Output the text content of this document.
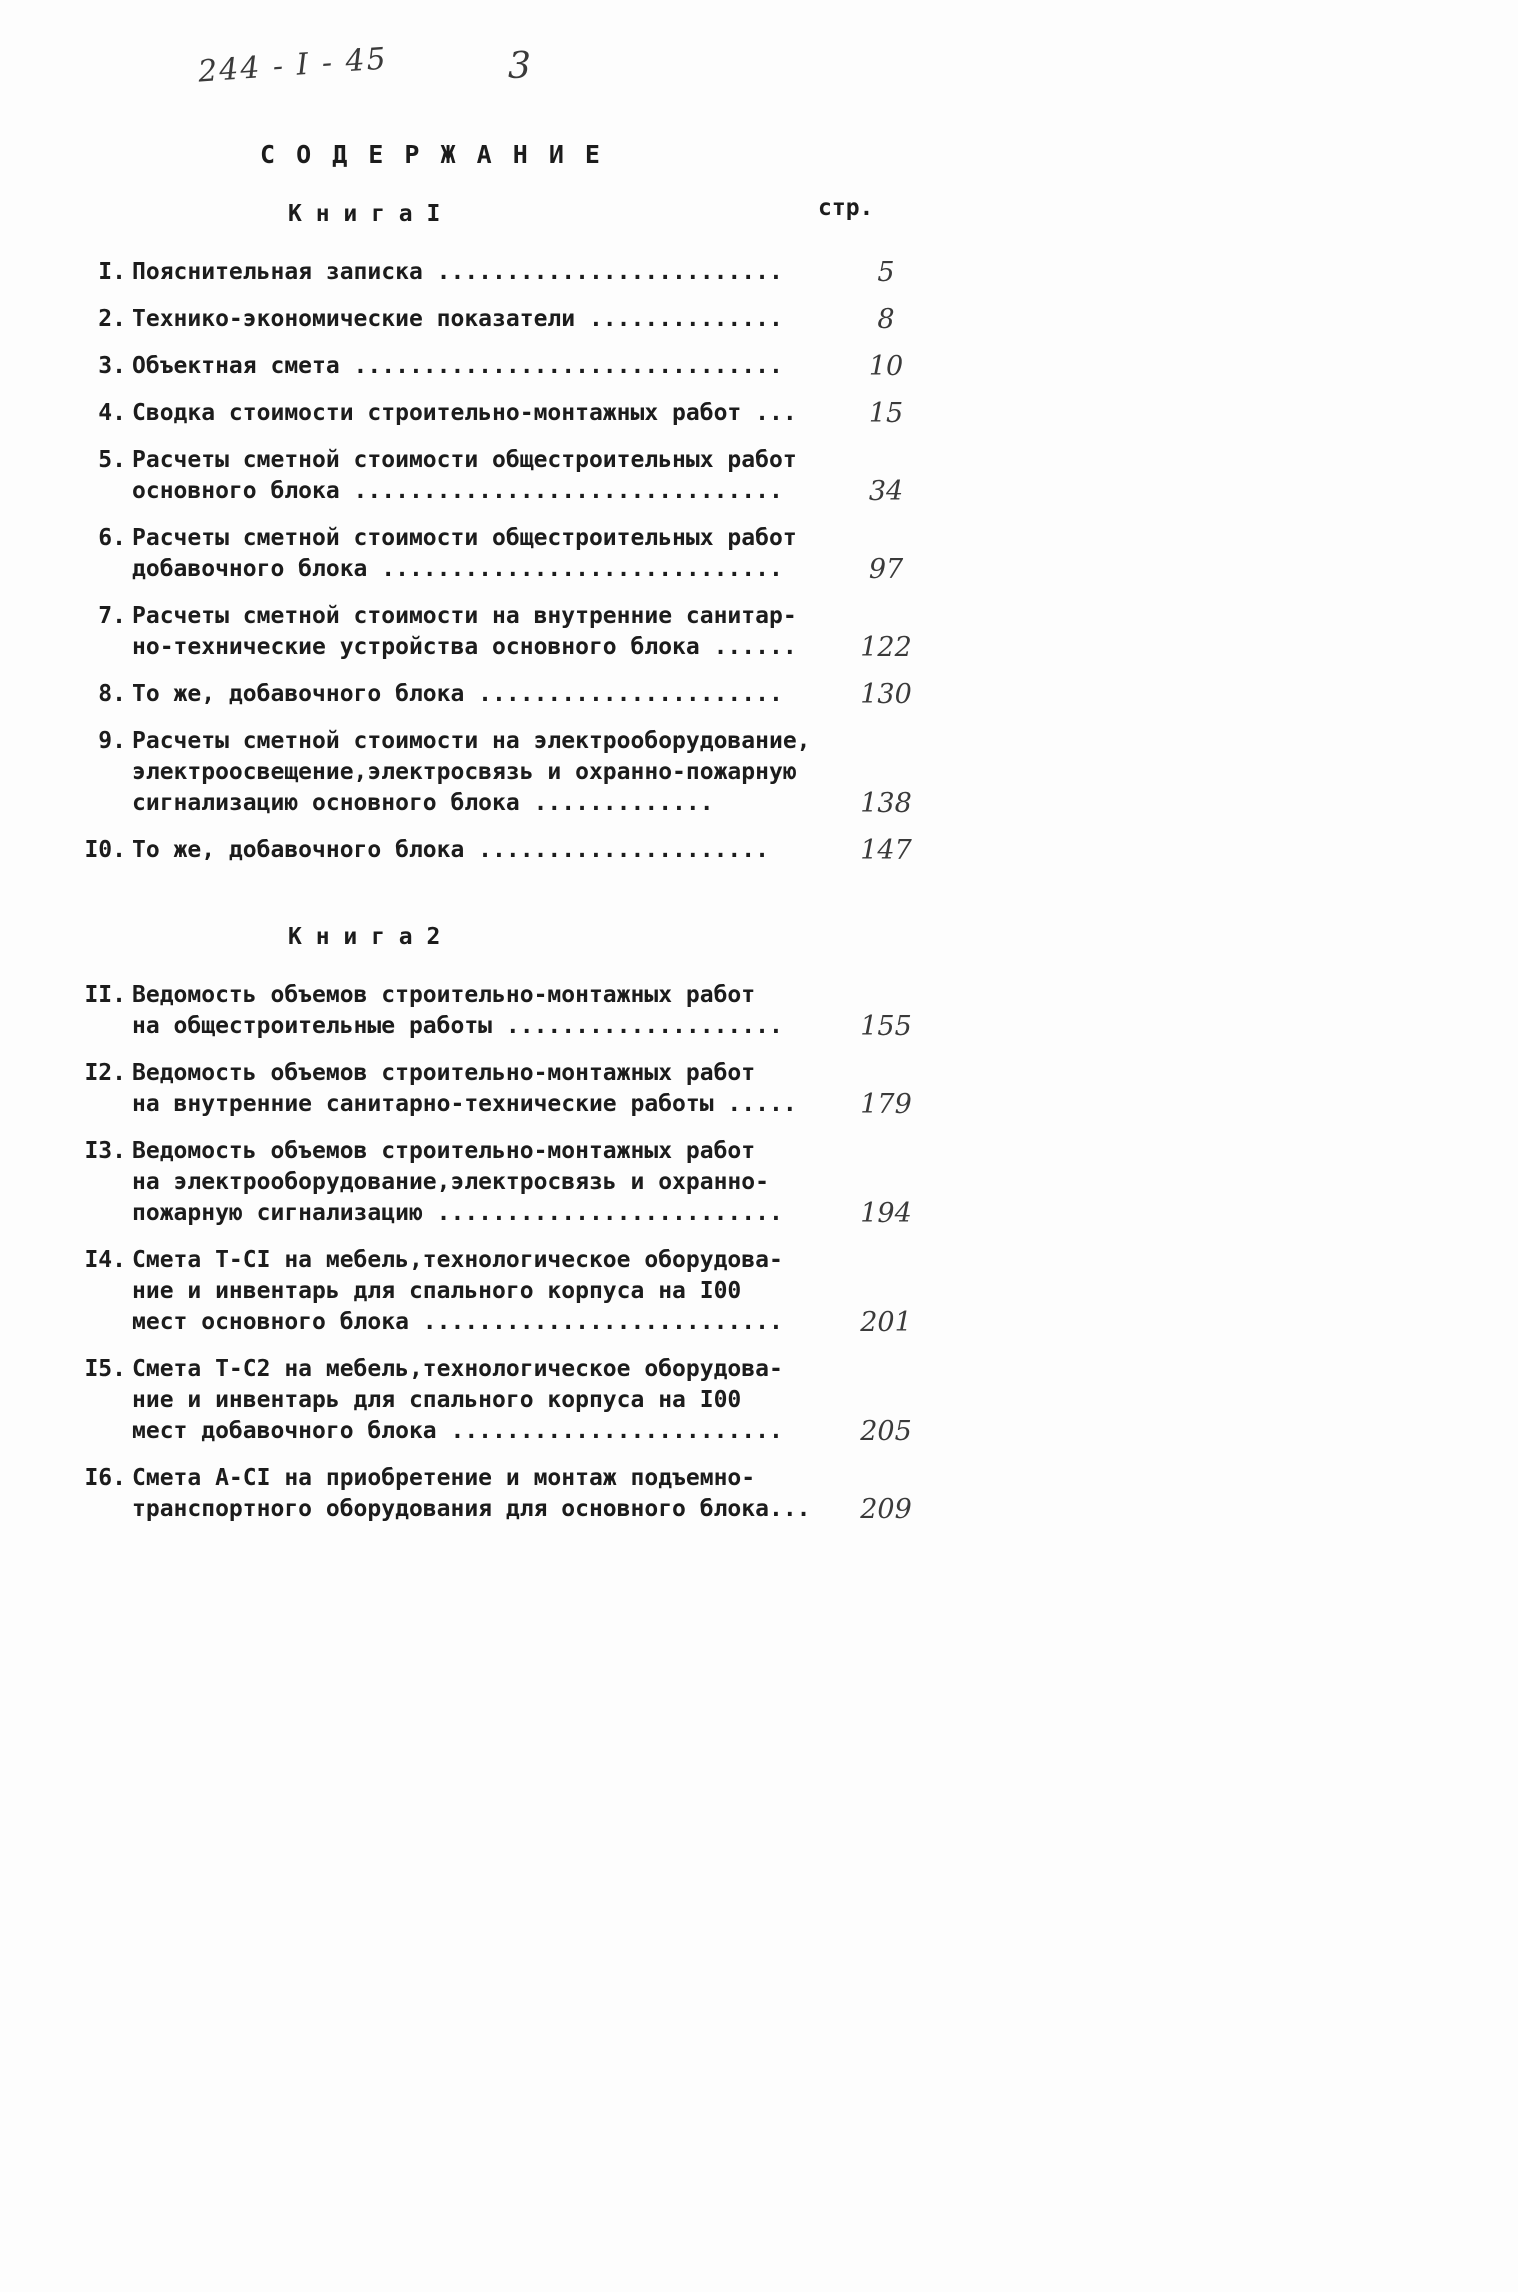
244 - I - 45	3
С О Д Е Р Ж А Н И Е
К н и г а I	стр.
I. Пояснительная записка .........................	5
2. Технико-экономические показатели ..............	8
3. Объектная смета ...............................	10
4. Сводка стоимости строительно-монтажных работ ...	15
5. Расчеты сметной стоимости общестроительных работ
основного блока ...............................	34
6. Расчеты сметной стоимости общестроительных работ
добавочного блока .............................	97
7. Расчеты сметной стоимости на внутренние санитар-
но-технические устройства основного блока ......	122
8. То же, добавочного блока ......................	130
9. Расчеты сметной стоимости на электрооборудование,
электроосвещение,электросвязь и охранно-пожарную
сигнализацию основного блока .............	138
I0. То же, добавочного блока .....................	147
К н и г а 2
II. Ведомость объемов строительно-монтажных работ
на общестроительные работы ....................	155
I2. Ведомость объемов строительно-монтажных работ
на внутренние санитарно-технические работы .....	179
I3. Ведомость объемов строительно-монтажных работ
на электрооборудование,электросвязь и охранно-
пожарную сигнализацию .........................	194
I4. Смета Т-СI на мебель,технологическое оборудова-
ние и инвентарь для спального корпуса на I00
мест основного блока ..........................	201
I5. Смета Т-С2 на мебель,технологическое оборудова-
ние и инвентарь для спального корпуса на I00
мест добавочного блока ........................	205
I6. Смета А-СI на приобретение и монтаж подъемно-
транспортного оборудования для основного блока...	209
